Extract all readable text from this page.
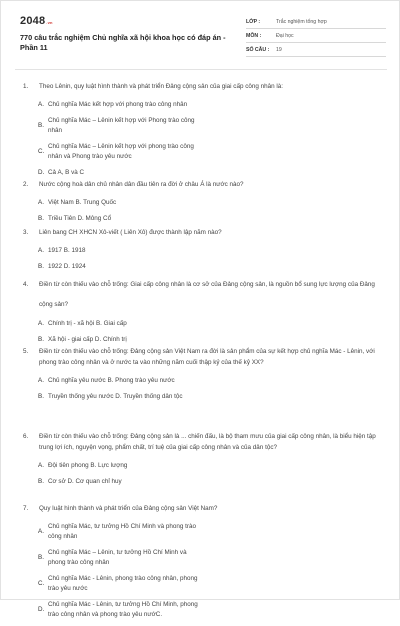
2048.vn
770 câu trắc nghiệm Chủ nghĩa xã hội khoa học có đáp án - Phần 11
LỚP :	Trắc nghiệm tổng hợp
MÔN :	Đại học
SỐ CÂU :	19
1.	Theo Lênin, quy luật hình thành và phát triển Đảng cộng sản của giai cấp công nhân là:
A. Chủ nghĩa Mác kết hợp với phong trào công nhân
B.
Chủ nghĩa Mác – Lênin kết hợp với Phong trào công nhân
C.
Chủ nghĩa Mác – Lênin kết hợp với phong trào công nhân và Phong trào yêu nước
D. Cả A, B và C
2.	Nước cộng hoà dân chủ nhân dân đầu tiên ra đời ở châu Á là nước nào?
A. Việt Nam B. Trung Quốc
B. Triều Tiên D. Mông Cổ
3.	Liên bang CH XHCN Xô-viết ( Liên Xô) được thành lập năm nào?
A. 1917 B. 1918
B. 1922 D. 1924
4.	Điền từ còn thiếu vào chỗ trống: Giai cấp công nhân là cơ sở của Đảng cộng sản, là nguồn bổ sung lực lượng của Đảng cộng sản?
A. Chính trị - xã hội B. Giai cấp
B. Xã hội - giai cấp D. Chính trị
5.	Điền từ còn thiếu vào chỗ trống: Đảng cộng sản Việt Nam ra đời là sản phẩm của sự kết hợp chủ nghĩa Mác - Lênin, với phong trào công nhân và ở nước ta vào những năm cuối thập kỷ của thế kỷ XX?
A. Chủ nghĩa yêu nước B. Phong trào yêu nước
B. Truyền thống yêu nước D. Truyền thống dân tộc
6.	Điền từ còn thiếu vào chỗ trống: Đảng cộng sản là ... chiến đấu, là bộ tham mưu của giai cấp công nhân, là biểu hiện tập trung lợi ích, nguyện vọng, phẩm chất, trí tuệ của giai cấp công nhân và của dân tộc?
A. Đội tiên phong B. Lực lượng
B. Cơ sở D. Cơ quan chỉ huy
7.	Quy luật hình thành và phát triển của Đảng cộng sản Việt Nam?
A.
Chủ nghĩa Mác, tư tưởng Hồ Chí Minh và phong trào công nhân
B.
Chủ nghĩa Mác – Lênin, tư tưởng Hồ Chí Minh và phong trào công nhân
C.
Chủ nghĩa Mác - Lênin, phong trào công nhân, phong trào yêu nước
D.
Chủ nghĩa Mác - Lênin, tư tưởng Hồ Chí Minh, phong trào công nhân và phong trào yêu nướC.
